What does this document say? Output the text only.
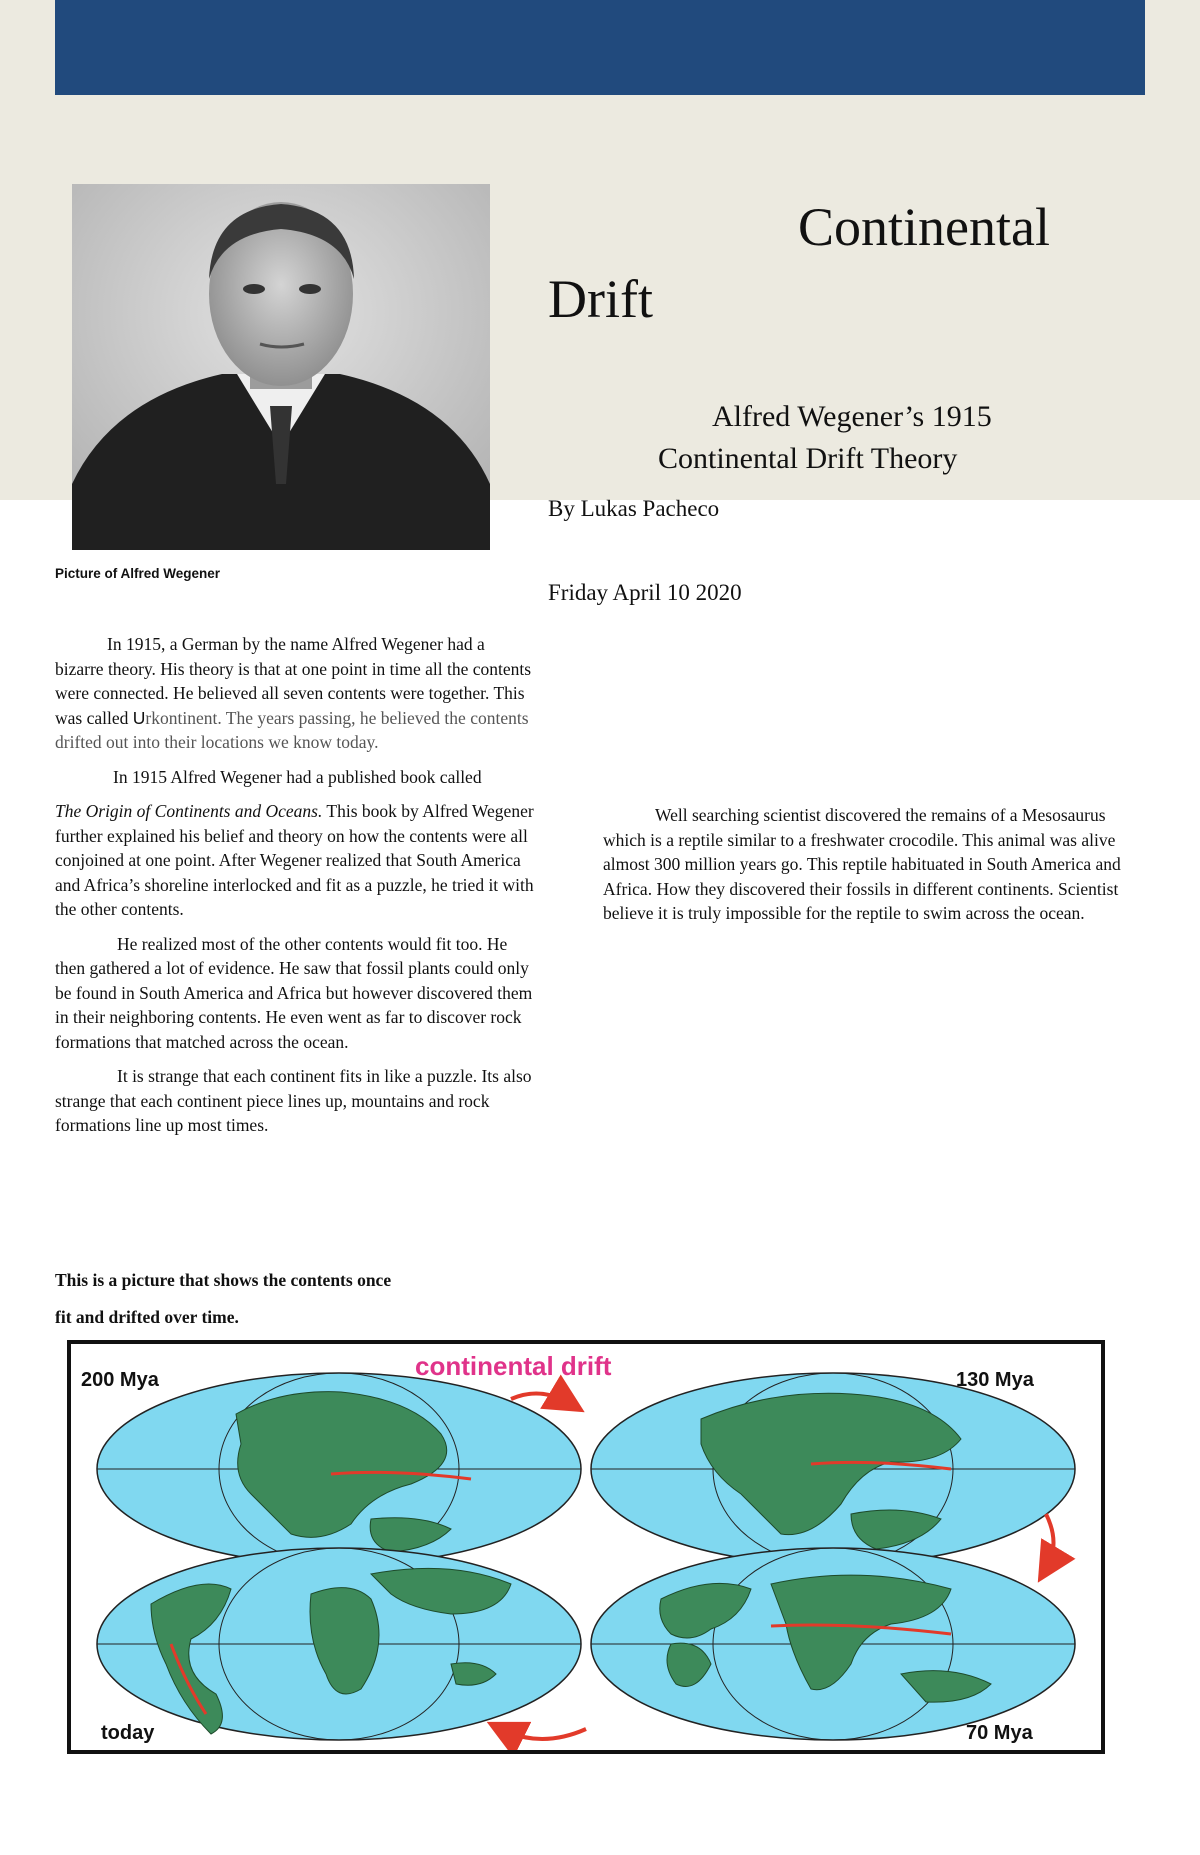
Picture of Alfred Wegener
Continental
Drift
Alfred Wegener’s 1915
Continental Drift Theory
By Lukas Pacheco
Friday April 10 2020

In 1915, a German by the name Alfred Wegener had a bizarre theory. His theory is that at one point in time all the contents were connected. He believed all seven contents were together. This was called Urkontinent. The years passing, he believed the contents drifted out into their locations we know today.

In 1915 Alfred Wegener had a published book called

The Origin of Continents and Oceans. This book by Alfred Wegener further explained his belief and theory on how the contents were all conjoined at one point. After Wegener realized that South America and Africa’s shoreline interlocked and fit as a puzzle, he tried it with the other contents.

He realized most of the other contents would fit too. He then gathered a lot of evidence. He saw that fossil plants could only be found in South America and Africa but however discovered them in their neighboring contents. He even went as far to discover rock formations that matched across the ocean.

It is strange that each continent fits in like a puzzle. Its also strange that each continent piece lines up, mountains and rock formations line up most times.

Well searching scientist discovered the remains of a Mesosaurus which is a reptile similar to a freshwater crocodile. This animal was alive almost 300 million years go. This reptile habituated in South America and Africa. How they discovered their fossils in different continents. Scientist believe it is truly impossible for the reptile to swim across the ocean.

This is a picture that shows the contents once
fit and drifted over time.
continental drift
200 Mya	130 Mya
today	70 Mya
